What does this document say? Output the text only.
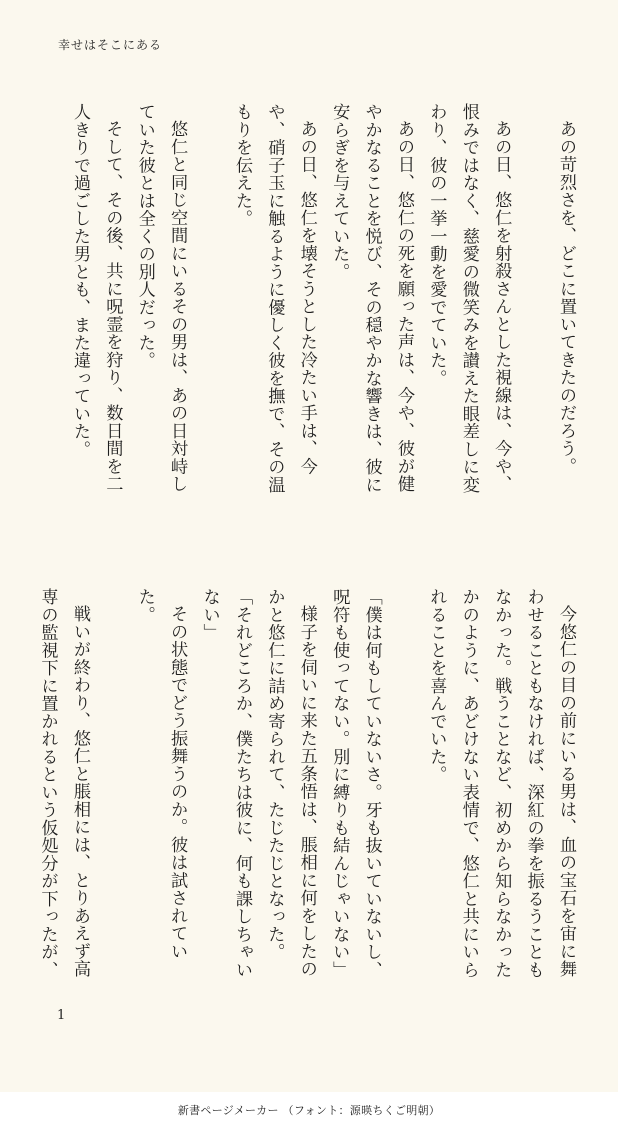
幸せはそこにある

あの苛烈さを、どこに置いてきたのだろう。

あの日、悠仁を射殺さんとした視線は、今や、恨みではなく、慈愛の微笑みを讃えた眼差しに変わり、彼の一挙一動を愛でていた。

あの日、悠仁の死を願った声は、今や、彼が健やかなることを悦び、その穏やかな響きは、彼に安らぎを与えていた。

あの日、悠仁を壊そうとした冷たい手は、今や、硝子玉に触るように優しく彼を撫で、その温もりを伝えた。

悠仁と同じ空間にいるその男は、あの日対峙していた彼とは全くの別人だった。

そして、その後、共に呪霊を狩り、数日間を二人きりで過ごした男とも、また違っていた。

今悠仁の目の前にいる男は、血の宝石を宙に舞わせることもなければ、深紅の拳を振るうこともなかった。戦うことなど、初めから知らなかったかのように、あどけない表情で、悠仁と共にいられることを喜んでいた。

「僕は何もしていないさ。牙も抜いていないし、呪符も使ってない。別に縛りも結んじゃいない」

様子を伺いに来た五条悟は、脹相に何をしたのかと悠仁に詰め寄られて、たじたじとなった。

「それどころか、僕たちは彼に、何も課しちゃいない」

その状態でどう振舞うのか。彼は試されていた。

戦いが終わり、悠仁と脹相には、とりあえず高専の監視下に置かれるという仮処分が下ったが、

1
新書ページメーカー （フォント：源暎ちくご明朝）
